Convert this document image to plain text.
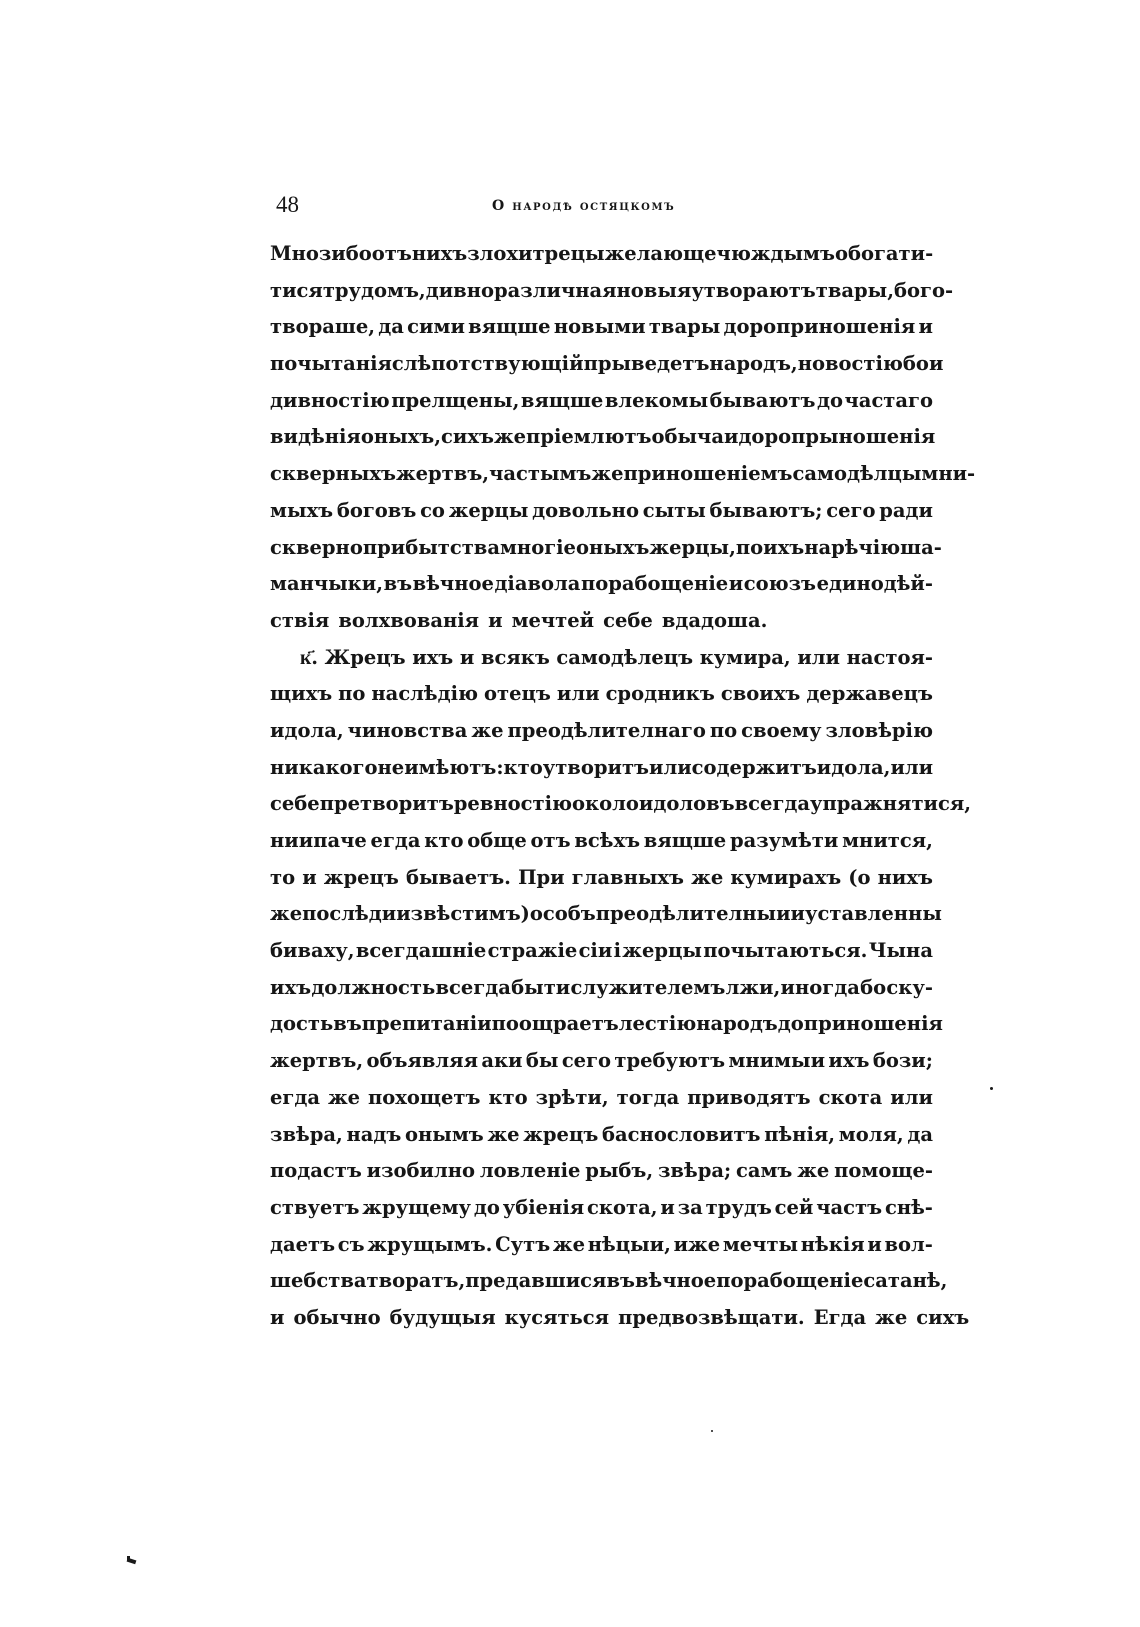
48	О народѣ остяцкомъ
Мнози бо отъ нихъ злохитрецы желающе чюждымъ обогати-
тися трудомъ, дивно различная новыя утвораютъ твары, бого-
твораше, да сими вящше новыми твары дороприношенія и
почытанія слѣпотствующій прыведетъ народъ, новостію бо и
дивностію прелщены, вящше влекомы бываютъ до частаго
видѣнія оныхъ, сихъ же пріемлютъ обычаи доропрыношенія
скверныхъ жертвъ, частымъ же приношеніемъ самодѣлцы мни-
мыхъ боговъ со жерцы довольно сыты бываютъ; сего ради
скверно прибытства многіе оныхъ жерцы, по ихъ нарѣчію ша-
манчыки, въ вѣчное діавола порабощеніе и союзъ единодѣй-
ствія волхвованія и мечтей себе вдадоша.
к҃. Жрецъ ихъ и всякъ самодѣлецъ кумира, или настоя-
щихъ по наслѣдію отецъ или сродникъ своихъ державецъ
идола, чиновства же преодѣлителнаго по своему зловѣрію
никакого не имѣютъ: кто утворитъ или содержитъ идола, или
себе претворитъ ревностію около идоловъ всегда упражнятися,
ниипаче егда кто обще отъ всѣхъ вящше разумѣти мнится,
то и жрецъ бываетъ. При главныхъ же кумирахъ (о нихъ
же послѣди извѣстимъ) особъ преодѣлителныи и уставленны
биваху, всегдашніе стражіе сіи і жерцы почытаються. Чына
ихъ должность всегда быти служителемъ лжи, иногда бо ску-
дость въ препитаніи поощраетъ лестію народъ до приношенія
жертвъ, объявляя аки бы сего требуютъ мнимыи ихъ бози;
егда же похощетъ кто зрѣти, тогда приводятъ скота или
звѣра, надъ онымъ же жрецъ баснословитъ пѣнія, моля, да
подастъ изобилно ловленіе рыбъ, звѣра; самъ же помоще-
ствуетъ жрущему до убіенія скота, и за трудъ сей частъ снѣ-
даетъ съ жрущымъ. Сутъ же нѣцыи, иже мечты нѣкія и вол-
шебства творатъ, предавшися въ вѣчное порабощеніе сатанѣ,
и обычно будущыя кусяться предвозвѣщати. Егда же сихъ
